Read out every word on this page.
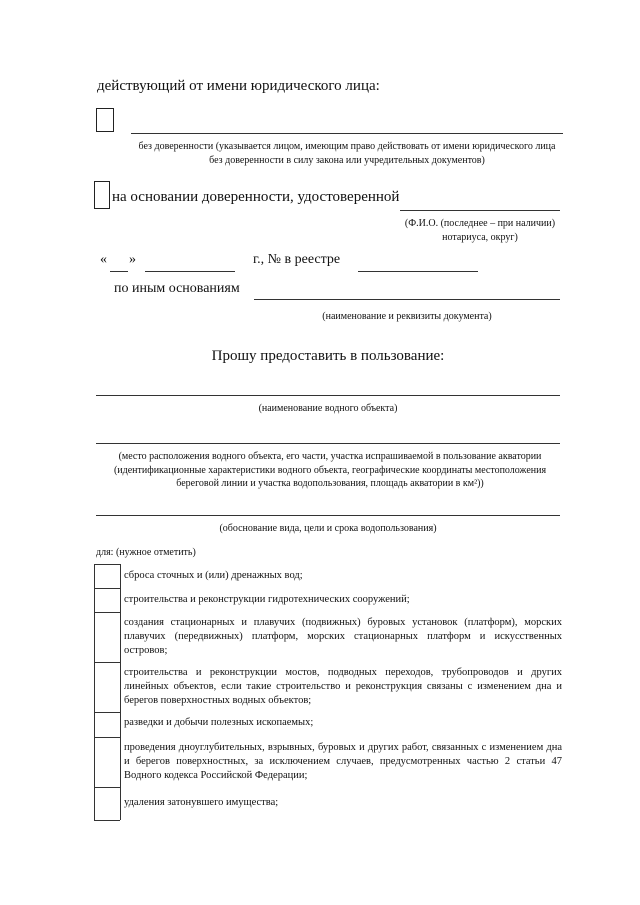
действующий от имени юридического лица:
без доверенности (указывается лицом, имеющим право действовать от имени юридического лица без доверенности в силу закона или учредительных документов)
на основании доверенности, удостоверенной
(Ф.И.О. (последнее – при наличии) нотариуса, округ)
« »	г., № в реестре
по иным основаниям
(наименование и реквизиты документа)
Прошу предоставить в пользование:
(наименование водного объекта)
(место расположения водного объекта, его части, участка испрашиваемой в пользование акватории (идентификационные характеристики водного объекта, географические координаты местоположения береговой линии и участка водопользования, площадь акватории в км²))
(обоснование вида, цели и срока водопользования)
для: (нужное отметить)
сброса сточных и (или) дренажных вод;
строительства и реконструкции гидротехнических сооружений;
создания стационарных и плавучих (подвижных) буровых установок (платформ), морских плавучих (передвижных) платформ, морских стационарных платформ и искусственных островов;
строительства и реконструкции мостов, подводных переходов, трубопроводов и других линейных объектов, если такие строительство и реконструкция связаны с изменением дна и берегов поверхностных водных объектов;
разведки и добычи полезных ископаемых;
проведения дноуглубительных, взрывных, буровых и других работ, связанных с изменением дна и берегов поверхностных, за исключением случаев, предусмотренных частью 2 статьи 47 Водного кодекса Российской Федерации;
удаления затонувшего имущества;
